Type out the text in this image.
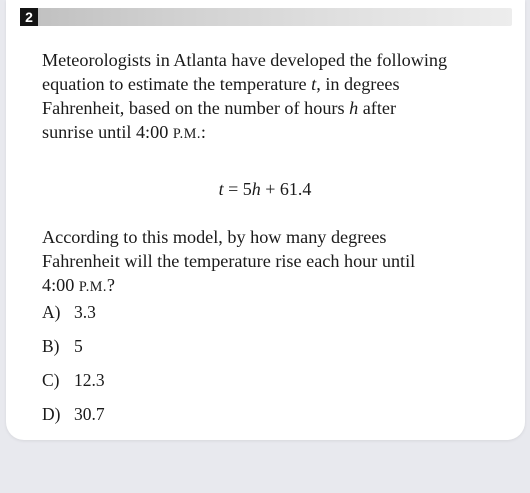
2

Meteorologists in Atlanta have developed the following
equation to estimate the temperature t, in degrees
Fahrenheit, based on the number of hours h after
sunrise until 4:00 P.M.:

t = 5h + 61.4

According to this model, by how many degrees
Fahrenheit will the temperature rise each hour until
4:00 P.M.?

A) 3.3
B) 5
C) 12.3
D) 30.7
